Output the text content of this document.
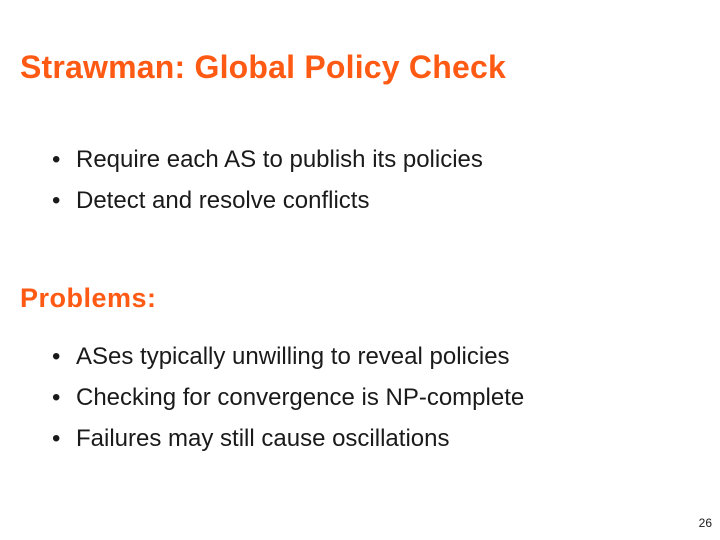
Strawman: Global Policy Check
• Require each AS to publish its policies
• Detect and resolve conflicts
Problems:
• ASes typically unwilling to reveal policies
• Checking for convergence is NP-complete
• Failures may still cause oscillations
26
